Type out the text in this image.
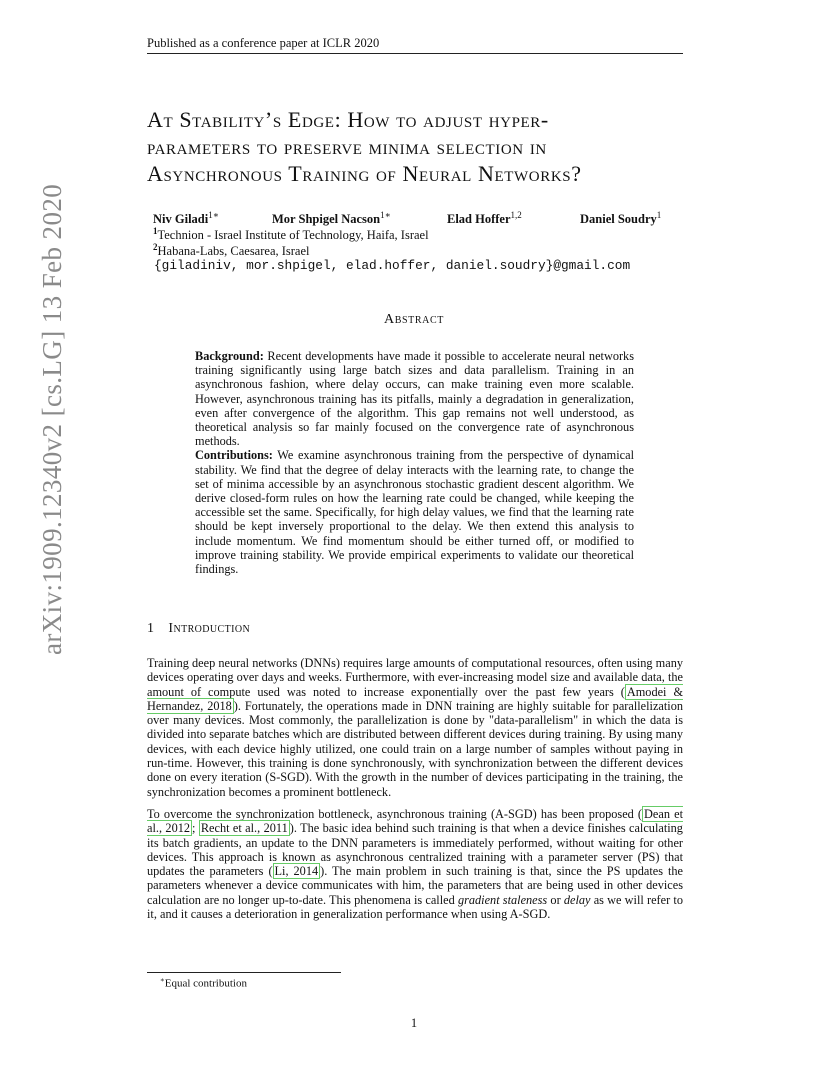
Published as a conference paper at ICLR 2020
arXiv:1909.12340v2 [cs.LG] 13 Feb 2020
At Stability’s Edge: How to adjust hyper-
parameters to preserve minima selection in
Asynchronous Training of Neural Networks?
Niv Giladi$^{1∗}$	Mor Shpigel Nacson$^{1∗}$	Elad Hoffer$^{1,2}$	Daniel Soudry$^1$
$^1$Technion - Israel Institute of Technology, Haifa, Israel
$^2$Habana-Labs, Caesarea, Israel
{giladiniv, mor.shpigel, elad.hoffer, daniel.soudry}@gmail.com
Abstract

Background: Recent developments have made it possible to accelerate neural networks training significantly using large batch sizes and data parallelism. Training in an asynchronous fashion, where delay occurs, can make training even more scalable. However, asynchronous training has its pitfalls, mainly a degradation in generalization, even after convergence of the algorithm. This gap remains not well understood, as theoretical analysis so far mainly focused on the convergence rate of asynchronous methods.

Contributions: We examine asynchronous training from the perspective of dynamical stability. We find that the degree of delay interacts with the learning rate, to change the set of minima accessible by an asynchronous stochastic gradient descent algorithm. We derive closed-form rules on how the learning rate could be changed, while keeping the accessible set the same. Specifically, for high delay values, we find that the learning rate should be kept inversely proportional to the delay. We then extend this analysis to include momentum. We find momentum should be either turned off, or modified to improve training stability. We provide empirical experiments to validate our theoretical findings.

1 Introduction

Training deep neural networks (DNNs) requires large amounts of computational resources, often using many devices operating over days and weeks. Furthermore, with ever-increasing model size and available data, the amount of compute used was noted to increase exponentially over the past few years ( Amodei & Hernandez, 2018 ). Fortunately, the operations made in DNN training are highly suitable for parallelization over many devices. Most commonly, the parallelization is done by "data-parallelism" in which the data is divided into separate batches which are distributed between different devices during training. By using many devices, with each device highly utilized, one could train on a large number of samples without paying in run-time. However, this training is done synchronously, with synchronization between the different devices done on every iteration (S-SGD). With the growth in the number of devices participating in the training, the synchronization becomes a prominent bottleneck.

To overcome the synchronization bottleneck, asynchronous training (A-SGD) has been proposed ( Dean et al., 2012 ; Recht et al., 2011 ). The basic idea behind such training is that when a device finishes calculating its batch gradients, an update to the DNN parameters is immediately performed, without waiting for other devices. This approach is known as asynchronous centralized training with a parameter server (PS) that updates the parameters ( Li, 2014 ). The main problem in such training is that, since the PS updates the parameters whenever a device communicates with him, the parameters that are being used in other devices calculation are no longer up-to-date. This phenomena is called gradient staleness or delay as we will refer to it, and it causes a deterioration in generalization performance when using A-SGD.

∗Equal contribution
1
